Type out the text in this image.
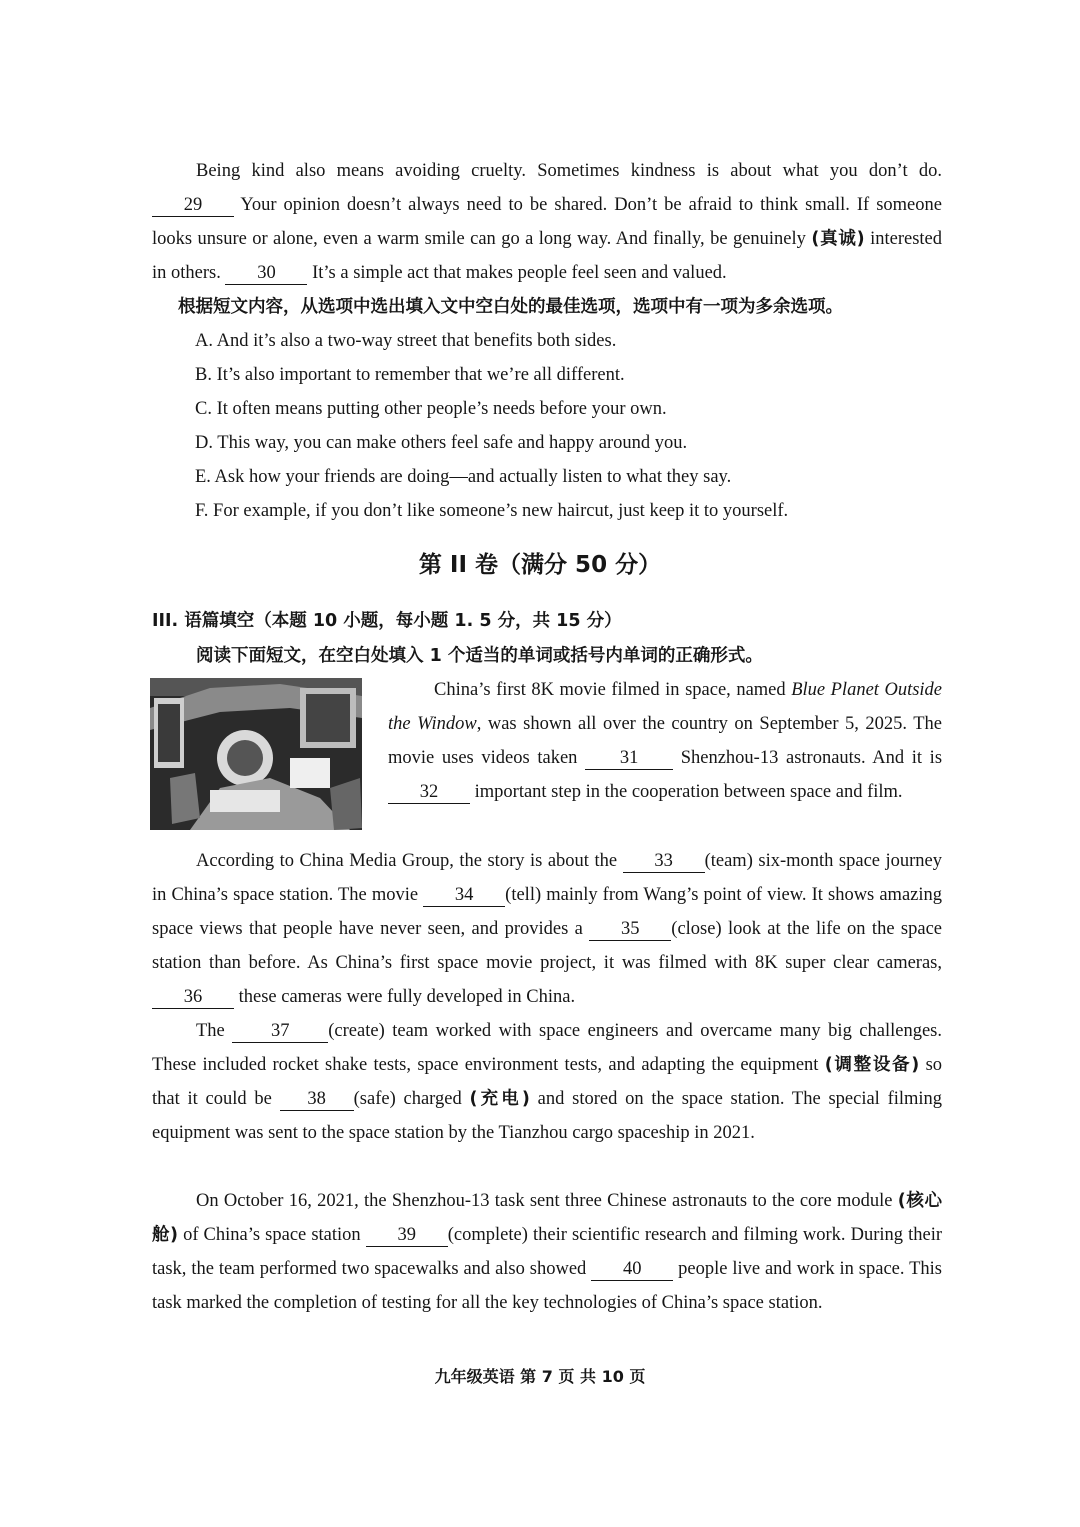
Being kind also means avoiding cruelty. Sometimes kindness is about what you don’t do. 29 Your opinion doesn’t always need to be shared. Don’t be afraid to think small. If someone looks unsure or alone, even a warm smile can go a long way. And finally, be genuinely (真诚) interested in others. 30 It’s a simple act that makes people feel seen and valued.

根据短文内容，从选项中选出填入文中空白处的最佳选项，选项中有一项为多余选项。
A. And it’s also a two-way street that benefits both sides.
B. It’s also important to remember that we’re all different.
C. It often means putting other people’s needs before your own.
D. This way, you can make others feel safe and happy around you.
E. Ask how your friends are doing—and actually listen to what they say.
F. For example, if you don’t like someone’s new haircut, just keep it to yourself.
第 II 卷（满分 50 分）
III. 语篇填空（本题 10 小题，每小题 1. 5 分，共 15 分）
阅读下面短文，在空白处填入 1 个适当的单词或括号内单词的正确形式。

China’s first 8K movie filmed in space, named Blue Planet Outside the Window, was shown all over the country on September 5, 2025. The movie uses videos taken 31 Shenzhou-13 astronauts. And it is 32 important step in the cooperation between space and film.

According to China Media Group, the story is about the 33 (team) six-month space journey in China’s space station. The movie 34 (tell) mainly from Wang’s point of view. It shows amazing space views that people have never seen, and provides a 35 (close) look at the life on the space station than before. As China’s first space movie project, it was filmed with 8K super clear cameras, 36 these cameras were fully developed in China.

The	37 (create) team worked with space engineers and overcame many big challenges. These included rocket shake tests, space environment tests, and adapting the equipment (调整设备) so that it could be 38 (safe) charged (充电) and stored on the space station. The special filming equipment was sent to the space station by the Tianzhou cargo spaceship in 2021.

On October 16, 2021, the Shenzhou-13 task sent three Chinese astronauts to the core module (核心舱) of China’s space station 39 (complete) their scientific research and filming work. During their task, the team performed two spacewalks and also showed 40 people live and work in space. This task marked the completion of testing for all the key technologies of China’s space station.

九年级英语 第 7 页 共 10 页
